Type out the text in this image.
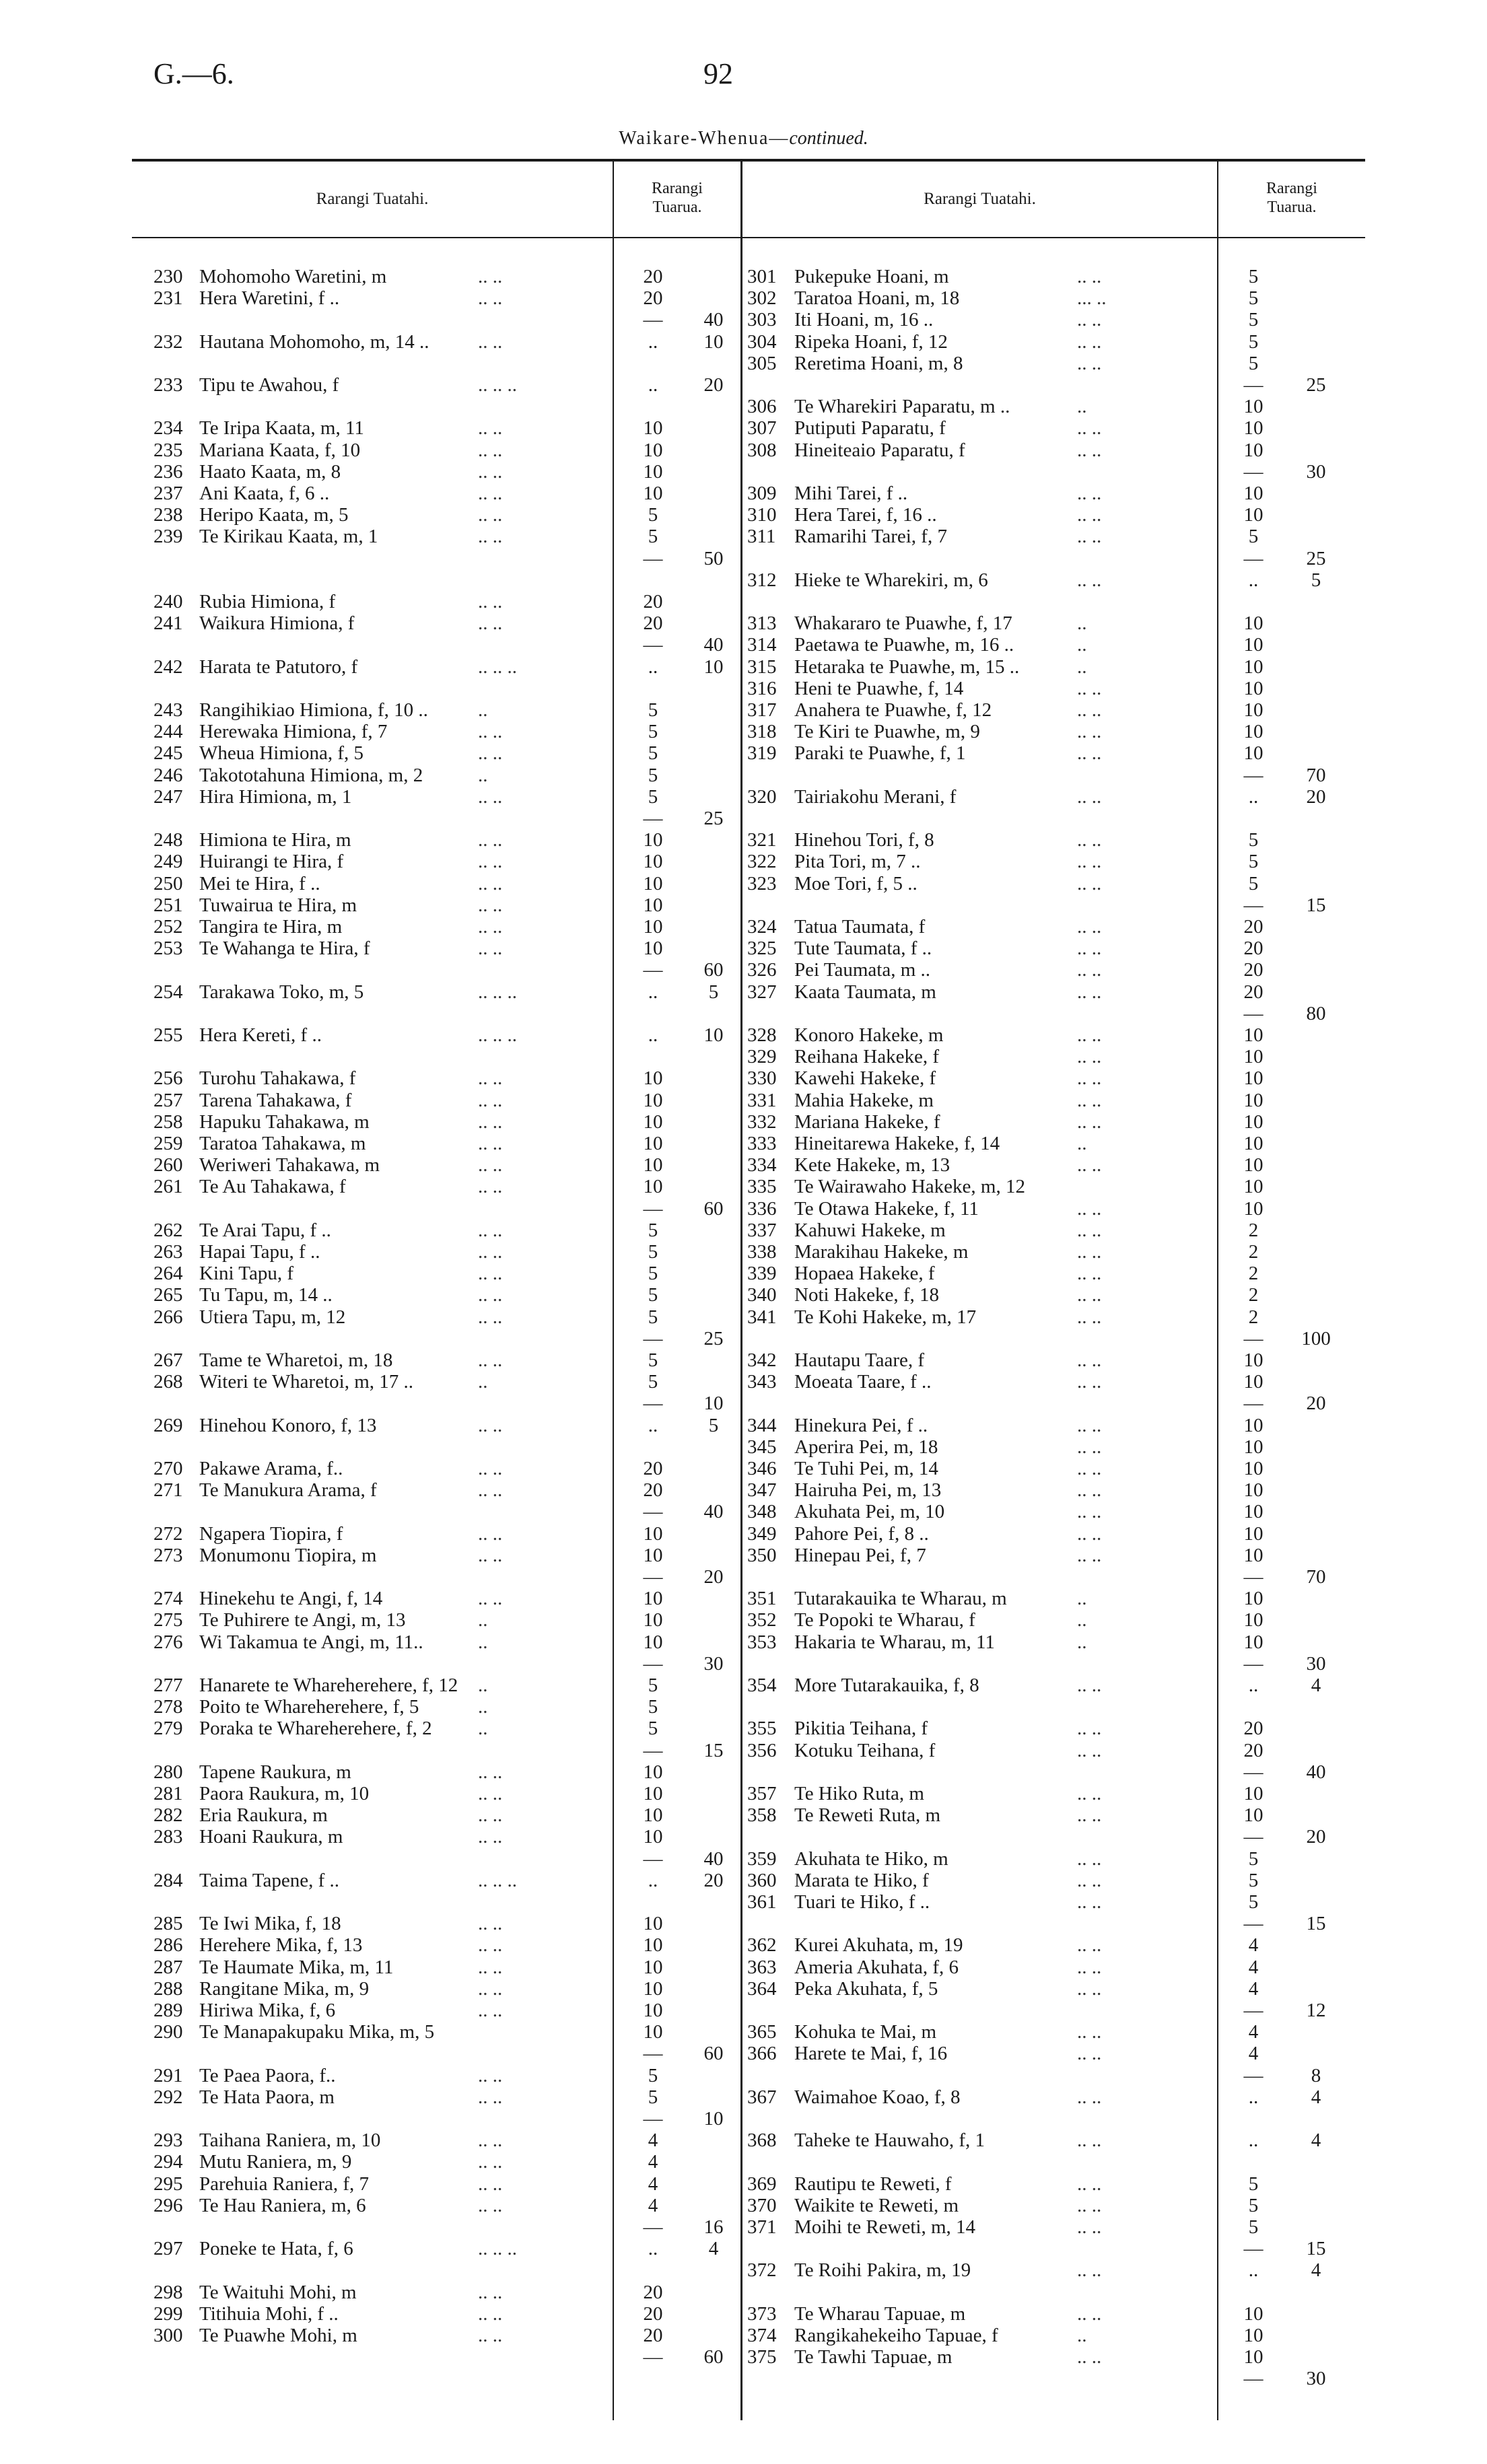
G.—6.	92
Waikare-Whenua—continued.
Rarangi Tuatahi.
Rarangi
Tuarua.	Rarangi Tuatahi.
Rarangi
Tuarua.
230 Mohomoho Waretini, m	.. ..	20
231 Hera Waretini, f ..	.. ..	20
—	40
232 Hautana Mohomoho, m, 14 .. .. ..	..	10
233 Tipu te Awahou, f	.. .. ..	..	20
234 Te Iripa Kaata, m, 11	.. ..	10
235 Mariana Kaata, f, 10	.. ..	10
236 Haato Kaata, m, 8	.. ..	10
237 Ani Kaata, f, 6 ..	.. ..	10
238 Heripo Kaata, m, 5	.. ..	5
239 Te Kirikau Kaata, m, 1	.. ..	5
—	50
240 Rubia Himiona, f	.. ..	20
241 Waikura Himiona, f	.. ..	20
—	40
242 Harata te Patutoro, f	.. .. ..	..	10
243 Rangihikiao Himiona, f, 10 ..	..	5
244 Herewaka Himiona, f, 7	.. ..	5
245 Wheua Himiona, f, 5	.. ..	5
246 Takototahuna Himiona, m, 2	..	5
247 Hira Himiona, m, 1	.. ..	5
—	25
248 Himiona te Hira, m	.. ..	10
249 Huirangi te Hira, f	.. ..	10
250 Mei te Hira, f ..	.. ..	10
251 Tuwairua te Hira, m	.. ..	10
252 Tangira te Hira, m	.. ..	10
253 Te Wahanga te Hira, f	.. ..	10
—	60
254 Tarakawa Toko, m, 5	.. .. ..	..	5
255 Hera Kereti, f ..	.. .. ..	..	10
256 Turohu Tahakawa, f	.. ..	10
257 Tarena Tahakawa, f	.. ..	10
258 Hapuku Tahakawa, m	.. ..	10
259 Taratoa Tahakawa, m	.. ..	10
260 Weriweri Tahakawa, m	.. ..	10
261 Te Au Tahakawa, f	.. ..	10
—	60
262 Te Arai Tapu, f ..	.. ..	5
263 Hapai Tapu, f ..	.. ..	5
264 Kini Tapu, f	.. ..	5
265 Tu Tapu, m, 14 ..	.. ..	5
266 Utiera Tapu, m, 12	.. ..	5
—	25
267 Tame te Wharetoi, m, 18	.. ..	5
268 Witeri te Wharetoi, m, 17 ..	..	5
—	10
269 Hinehou Konoro, f, 13	.. ..	..	5
270 Pakawe Arama, f..	.. ..	20
271 Te Manukura Arama, f	.. ..	20
—	40
272 Ngapera Tiopira, f	.. ..	10
273 Monumonu Tiopira, m	.. ..	10
—	20
274 Hinekehu te Angi, f, 14	.. ..	10
275 Te Puhirere te Angi, m, 13	..	10
276 Wi Takamua te Angi, m, 11..	..	10
—	30
277 Hanarete te Whareherehere, f, 12 ..	5
278 Poito te Whareherehere, f, 5	..	5
279 Poraka te Whareherehere, f, 2 ..	5
—	15
280 Tapene Raukura, m	.. ..	10
281 Paora Raukura, m, 10	.. ..	10
282 Eria Raukura, m	.. ..	10
283 Hoani Raukura, m	.. ..	10
—	40
284 Taima Tapene, f ..	.. .. ..	..	20
285 Te Iwi Mika, f, 18	.. ..	10
286 Herehere Mika, f, 13	.. ..	10
287 Te Haumate Mika, m, 11	.. ..	10
288 Rangitane Mika, m, 9	.. ..	10
289 Hiriwa Mika, f, 6	.. ..	10
290 Te Manapakupaku Mika, m, 5	10
—	60
291 Te Paea Paora, f..	.. ..	5
292 Te Hata Paora, m	.. ..	5
—	10
293 Taihana Raniera, m, 10	.. ..	4
294 Mutu Raniera, m, 9	.. ..	4
295 Parehuia Raniera, f, 7	.. ..	4
296 Te Hau Raniera, m, 6	.. ..	4
—	16
297 Poneke te Hata, f, 6	.. .. ..	..	4
298 Te Waituhi Mohi, m	.. ..	20
299 Titihuia Mohi, f ..	.. ..	20
300 Te Puawhe Mohi, m	.. ..	20
—	60
301 Pukepuke Hoani, m	.. ..	5
302 Taratoa Hoani, m, 18	... ..	5
303 Iti Hoani, m, 16 ..	.. ..	5
304 Ripeka Hoani, f, 12	.. ..	5
305 Reretima Hoani, m, 8	.. ..	5
—	25
306 Te Wharekiri Paparatu, m ..	..	10
307 Putiputi Paparatu, f	.. ..	10
308 Hineiteaio Paparatu, f	.. ..	10
—	30
309 Mihi Tarei, f ..	.. ..	10
310 Hera Tarei, f, 16 ..	.. ..	10
311 Ramarihi Tarei, f, 7	.. ..	5
—	25
312 Hieke te Wharekiri, m, 6	.. ..	..	5
313 Whakararo te Puawhe, f, 17	..	10
314 Paetawa te Puawhe, m, 16 ..	..	10
315 Hetaraka te Puawhe, m, 15 ..	..	10
316 Heni te Puawhe, f, 14	.. ..	10
317 Anahera te Puawhe, f, 12	.. ..	10
318 Te Kiri te Puawhe, m, 9	.. ..	10
319 Paraki te Puawhe, f, 1	.. ..	10
—	70
320 Tairiakohu Merani, f	.. ..	..	20
321 Hinehou Tori, f, 8	.. ..	5
322 Pita Tori, m, 7 ..	.. ..	5
323 Moe Tori, f, 5 ..	.. ..	5
—	15
324 Tatua Taumata, f	.. ..	20
325 Tute Taumata, f ..	.. ..	20
326 Pei Taumata, m ..	.. ..	20
327 Kaata Taumata, m	.. ..	20
—	80
328 Konoro Hakeke, m	.. ..	10
329 Reihana Hakeke, f	.. ..	10
330 Kawehi Hakeke, f	.. ..	10
331 Mahia Hakeke, m	.. ..	10
332 Mariana Hakeke, f	.. ..	10
333 Hineitarewa Hakeke, f, 14	..	10
334 Kete Hakeke, m, 13	.. ..	10
335 Te Wairawaho Hakeke, m, 12	10
336 Te Otawa Hakeke, f, 11	.. ..	10
337 Kahuwi Hakeke, m	.. ..	2
338 Marakihau Hakeke, m	.. ..	2
339 Hopaea Hakeke, f	.. ..	2
340 Noti Hakeke, f, 18	.. ..	2
341 Te Kohi Hakeke, m, 17	.. ..	2
—	100
342 Hautapu Taare, f	.. ..	10
343 Moeata Taare, f ..	.. ..	10
—	20
344 Hinekura Pei, f ..	.. ..	10
345 Aperira Pei, m, 18	.. ..	10
346 Te Tuhi Pei, m, 14	.. ..	10
347 Hairuha Pei, m, 13	.. ..	10
348 Akuhata Pei, m, 10	.. ..	10
349 Pahore Pei, f, 8 ..	.. ..	10
350 Hinepau Pei, f, 7	.. ..	10
—	70
351 Tutarakauika te Wharau, m	..	10
352 Te Popoki te Wharau, f	..	10
353 Hakaria te Wharau, m, 11	..	10
—	30
354 More Tutarakauika, f, 8	.. ..	..	4
355 Pikitia Teihana, f	.. ..	20
356 Kotuku Teihana, f	.. ..	20
—	40
357 Te Hiko Ruta, m	.. ..	10
358 Te Reweti Ruta, m	.. ..	10
—	20
359 Akuhata te Hiko, m	.. ..	5
360 Marata te Hiko, f	.. ..	5
361 Tuari te Hiko, f ..	.. ..	5
—	15
362 Kurei Akuhata, m, 19	.. ..	4
363 Ameria Akuhata, f, 6	.. ..	4
364 Peka Akuhata, f, 5	.. ..	4
—	12
365 Kohuka te Mai, m	.. ..	4
366 Harete te Mai, f, 16	.. ..	4
—	8
367 Waimahoe Koao, f, 8	.. ..	..	4
368 Taheke te Hauwaho, f, 1	.. ..	..	4
369 Rautipu te Reweti, f	.. ..	5
370 Waikite te Reweti, m	.. ..	5
371 Moihi te Reweti, m, 14	.. ..	5
—	15
372 Te Roihi Pakira, m, 19	.. ..	..	4
373 Te Wharau Tapuae, m	.. ..	10
374 Rangikahekeiho Tapuae, f	..	10
375 Te Tawhi Tapuae, m	.. ..	10
—	30
